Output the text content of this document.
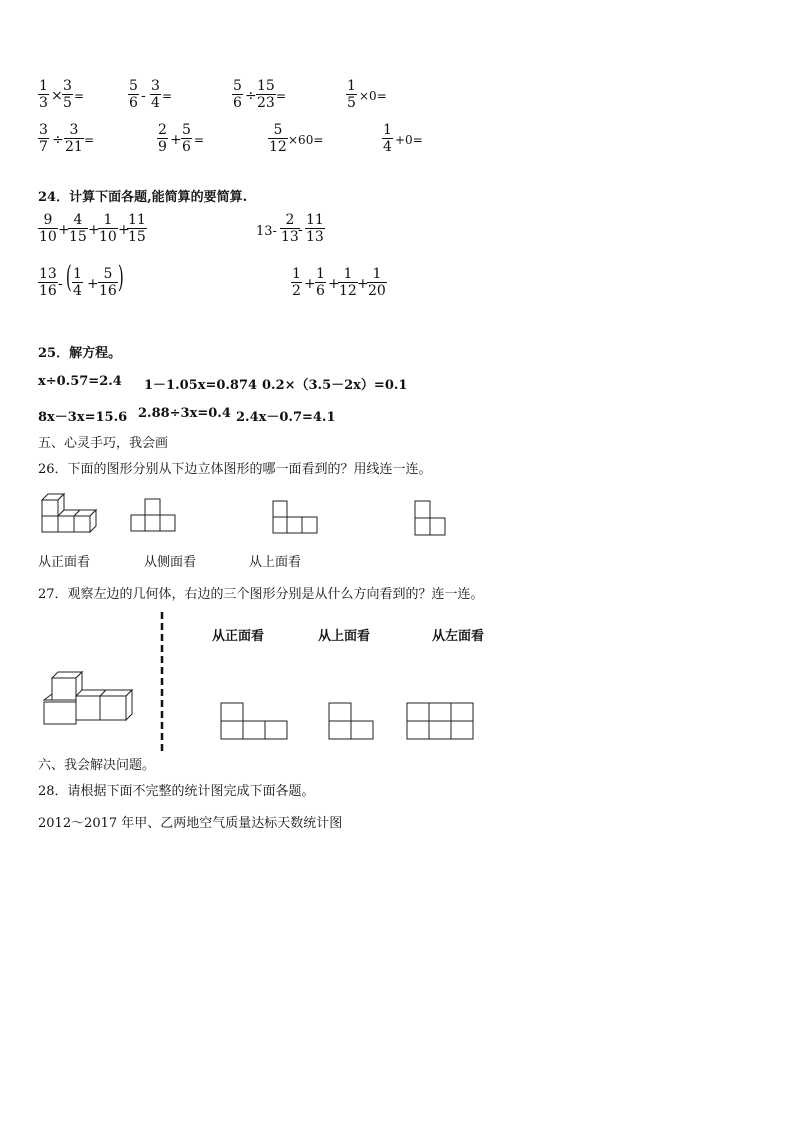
1
3 ×
3
5 =
5
6 -
3
4 =
5
6 ÷
15
23 =
1
5 ×0=
3
7 ÷
3
21 =
2
9 +
5
6 =
5
12 ×60=
1
4 +0=
24．计算下面各题,能简算的要简算.
9
10 +
4
15 +
1
10 +
11
15	13-
2
13 -
11
13
13
16 - ( 1
4 +
5
16 )	1
2 +
1
6 +
1
12 +
1
20
25．解方程。
x÷0.57=2.4 1－1.05x=0.874 0.2×（3.5－2x）=0.1
8x－3x=15.6 2.88÷3x=0.4 2.4x－0.7=4.1
五、心灵手巧，我会画
26．下面的图形分别从下边立体图形的哪一面看到的？用线连一连。
从正面看	从侧面看	从上面看
27．观察左边的几何体，右边的三个图形分别是从什么方向看到的？连一连。
从正面看	从上面看	从左面看
六、我会解决问题。
28．请根据下面不完整的统计图完成下面各题。
2012～2017 年甲、乙两地空气质量达标天数统计图
